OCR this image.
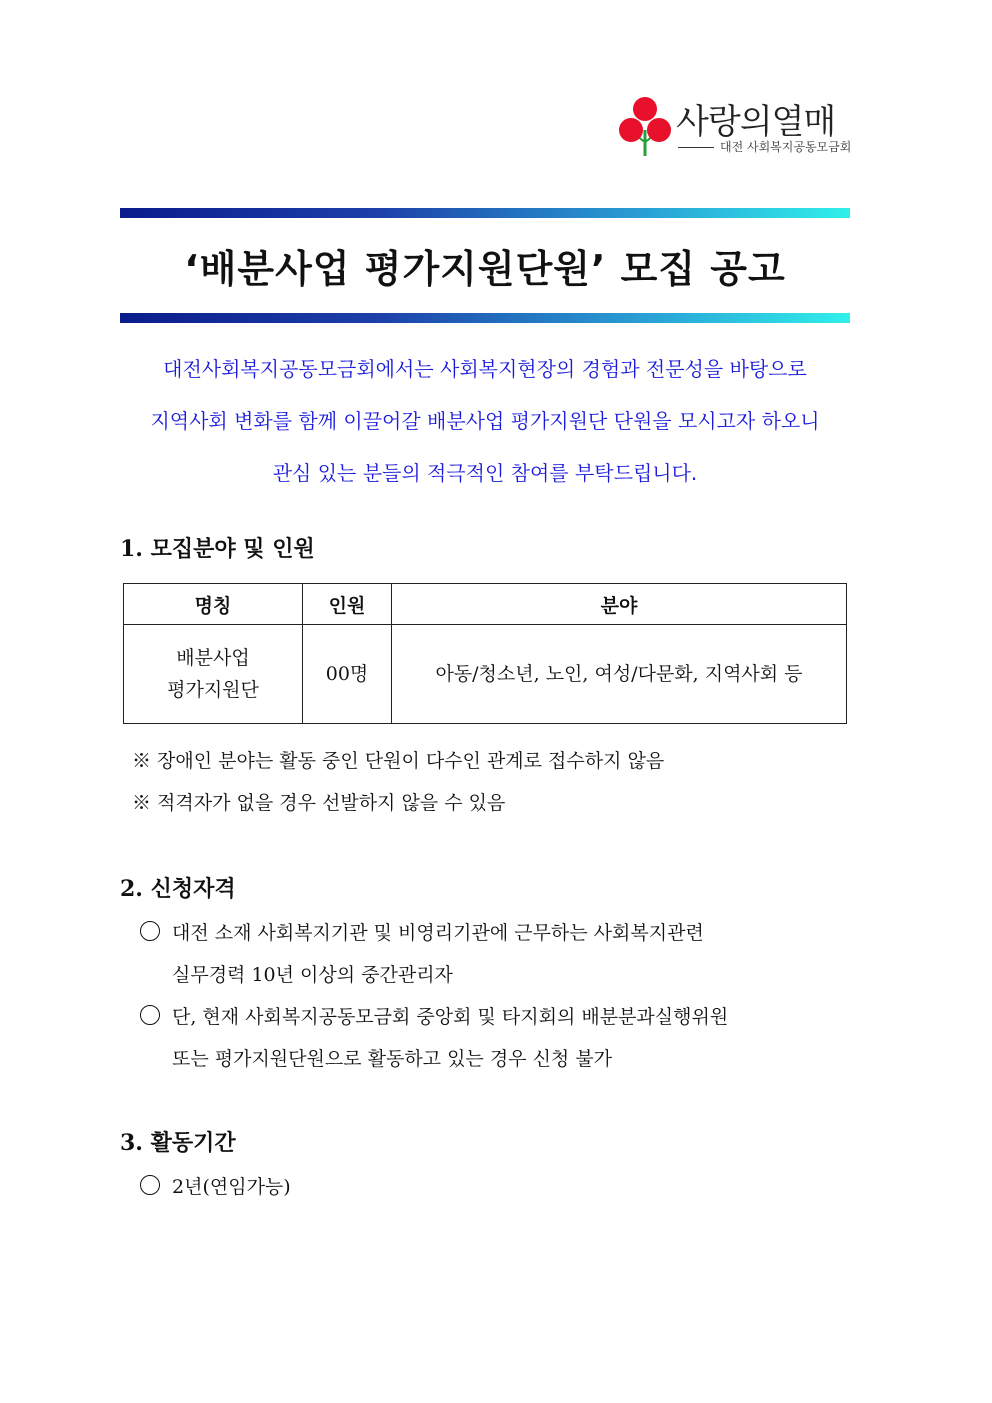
사랑의열매
대전 사회복지공동모금회
‘배분사업 평가지원단원’ 모집 공고
대전사회복지공동모금회에서는 사회복지현장의 경험과 전문성을 바탕으로
지역사회 변화를 함께 이끌어갈 배분사업 평가지원단 단원을 모시고자 하오니
관심 있는 분들의 적극적인 참여를 부탁드립니다.
1. 모집분야 및 인원
명칭	인원	분야

배분사업
평가지원단	00명	아동/청소년, 노인, 여성/다문화, 지역사회 등
※ 장애인 분야는 활동 중인 단원이 다수인 관계로 접수하지 않음
※ 적격자가 없을 경우 선발하지 않을 수 있음
2. 신청자격
대전 소재 사회복지기관 및 비영리기관에 근무하는 사회복지관련
실무경력 10년 이상의 중간관리자
단, 현재 사회복지공동모금회 중앙회 및 타지회의 배분분과실행위원
또는 평가지원단원으로 활동하고 있는 경우 신청 불가
3. 활동기간
2년(연임가능)
